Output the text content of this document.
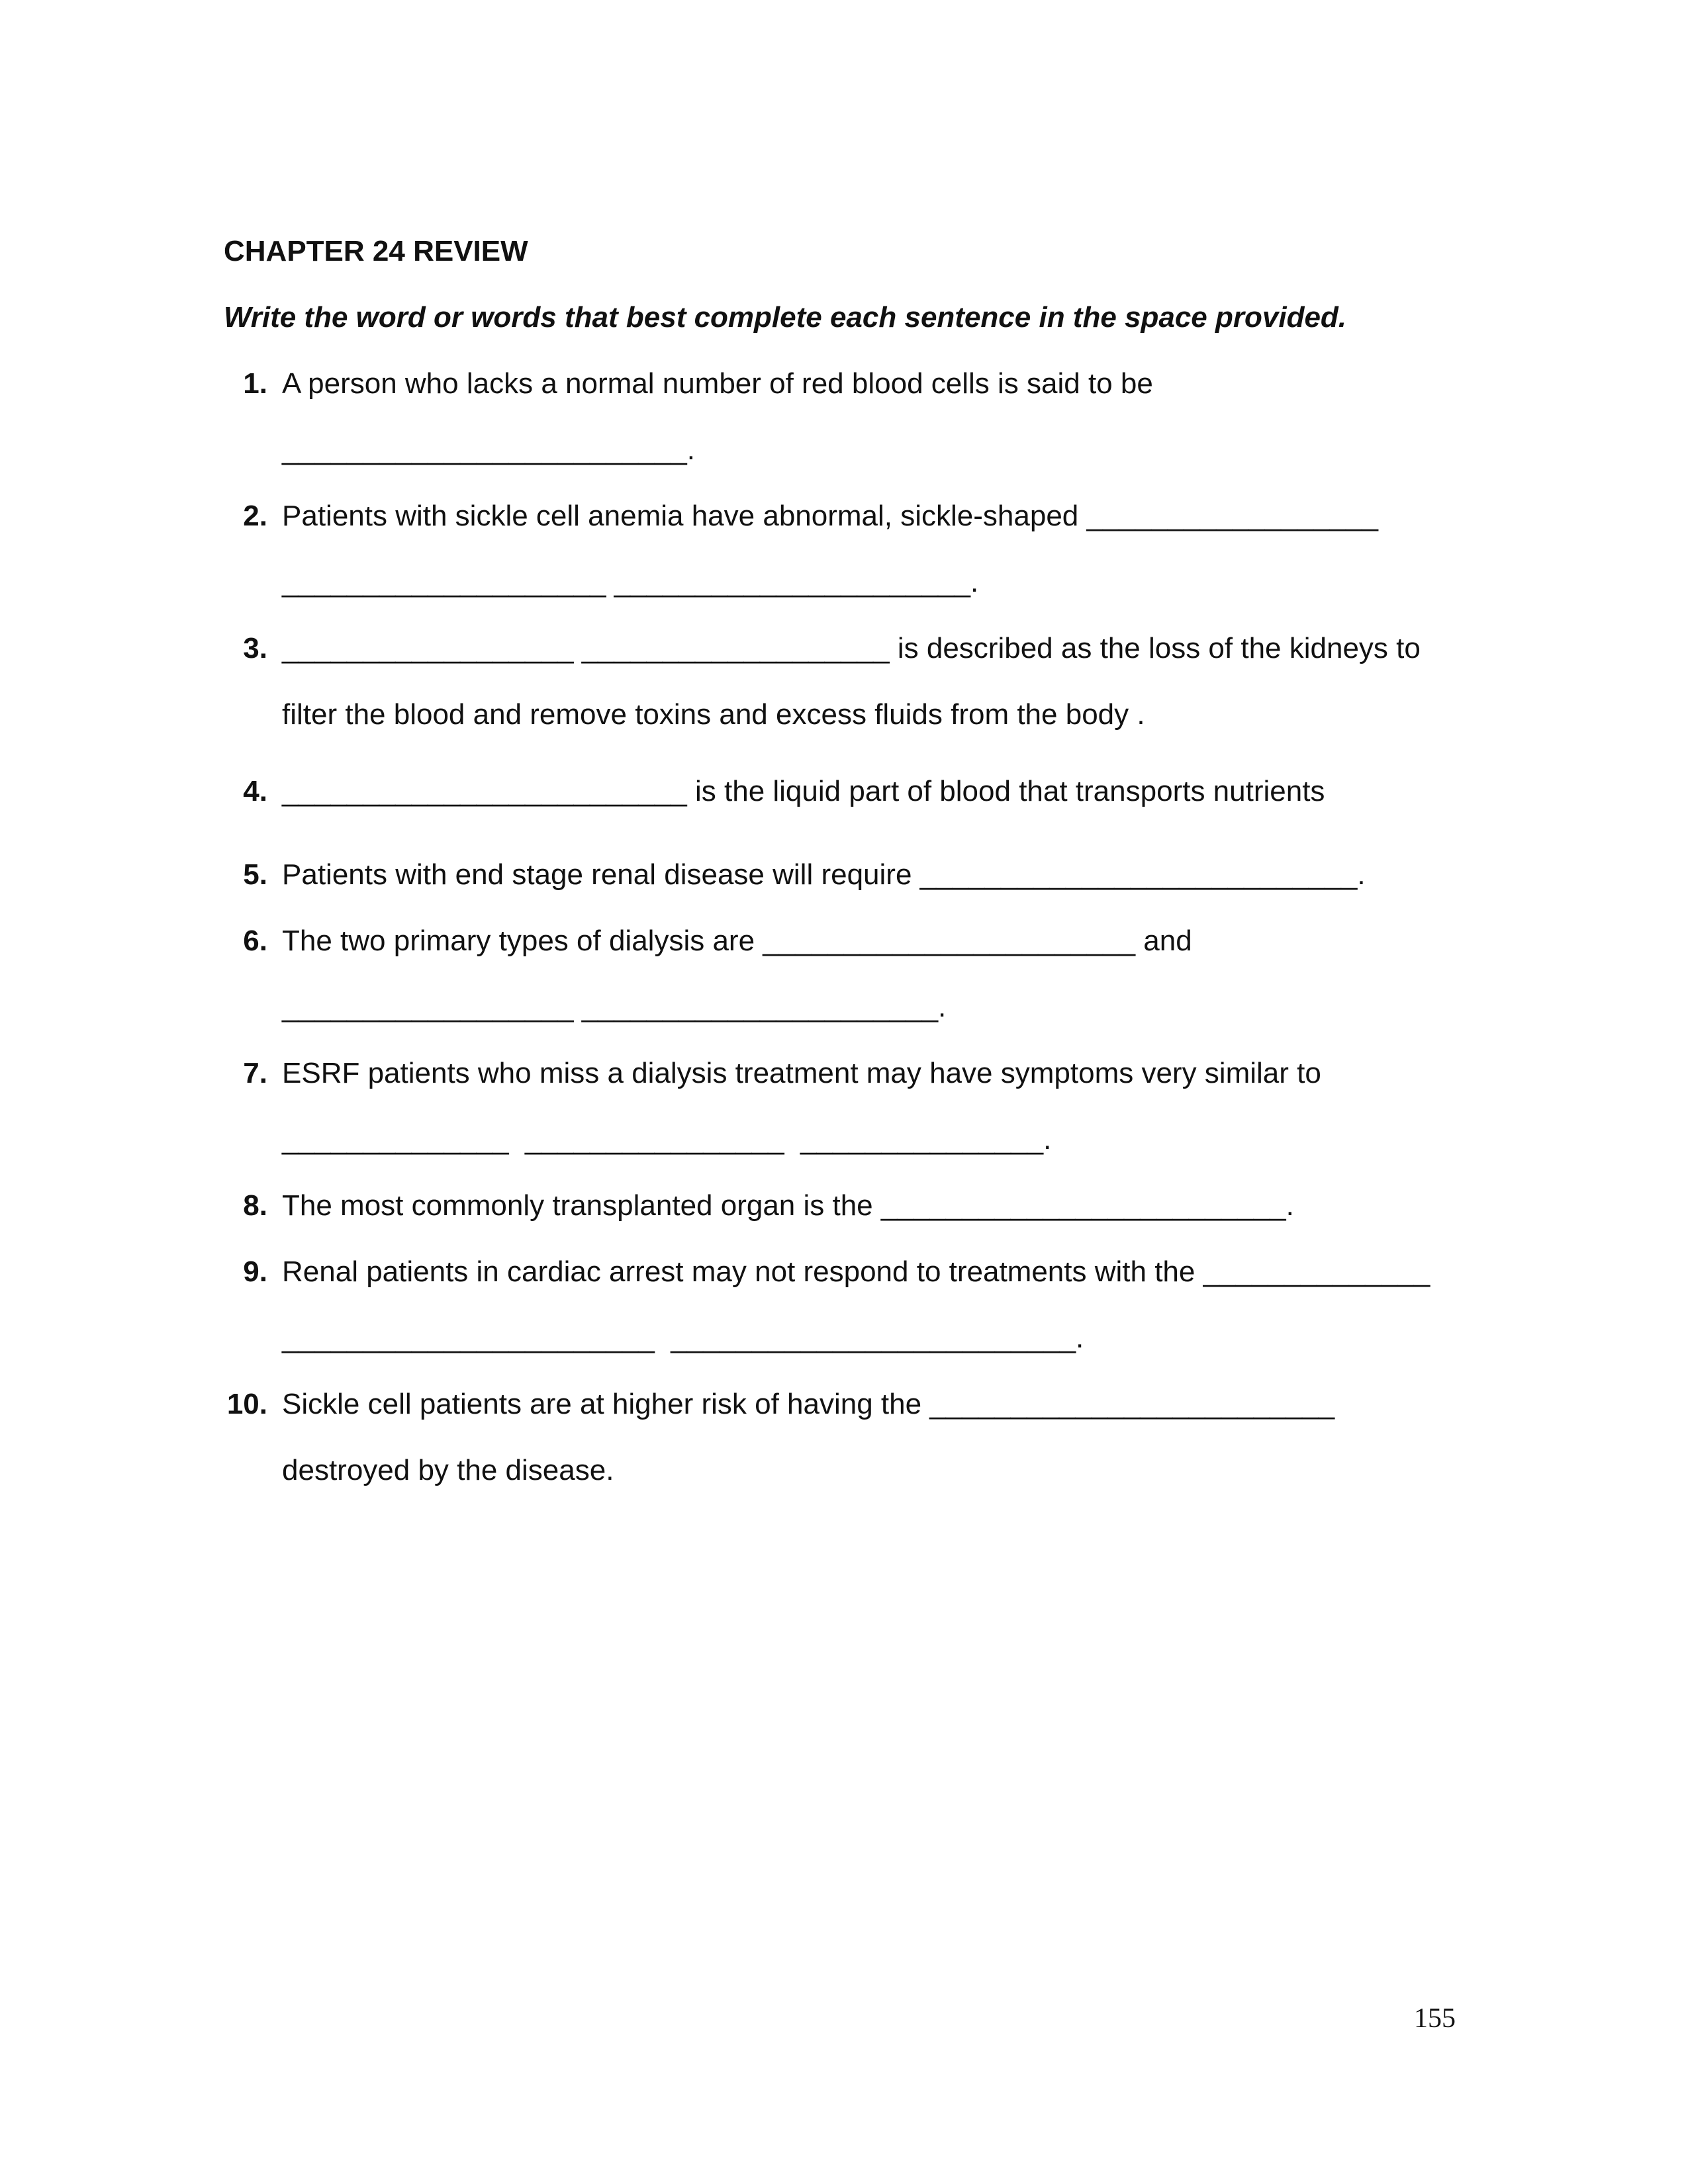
CHAPTER 24 REVIEW
Write the word or words that best complete each sentence in the space provided.
1. A person who lacks a normal number of red blood cells is said to be
_________________________.
2. Patients with sickle cell anemia have abnormal, sickle-shaped __________________
____________________ ______________________.
3. __________________ ___________________ is described as the loss of the kidneys to
filter the blood and remove toxins and excess fluids from the body .
4. _________________________ is the liquid part of blood that transports nutrients
5. Patients with end stage renal disease will require ___________________________.
6. The two primary types of dialysis are _______________________ and
__________________ ______________________.
7. ESRF patients who miss a dialysis treatment may have symptoms very similar to
______________  ________________  _______________.
8. The most commonly transplanted organ is the _________________________.
9. Renal patients in cardiac arrest may not respond to treatments with the ______________
_______________________  _________________________.
10. Sickle cell patients are at higher risk of having the _________________________
destroyed by the disease.
155
